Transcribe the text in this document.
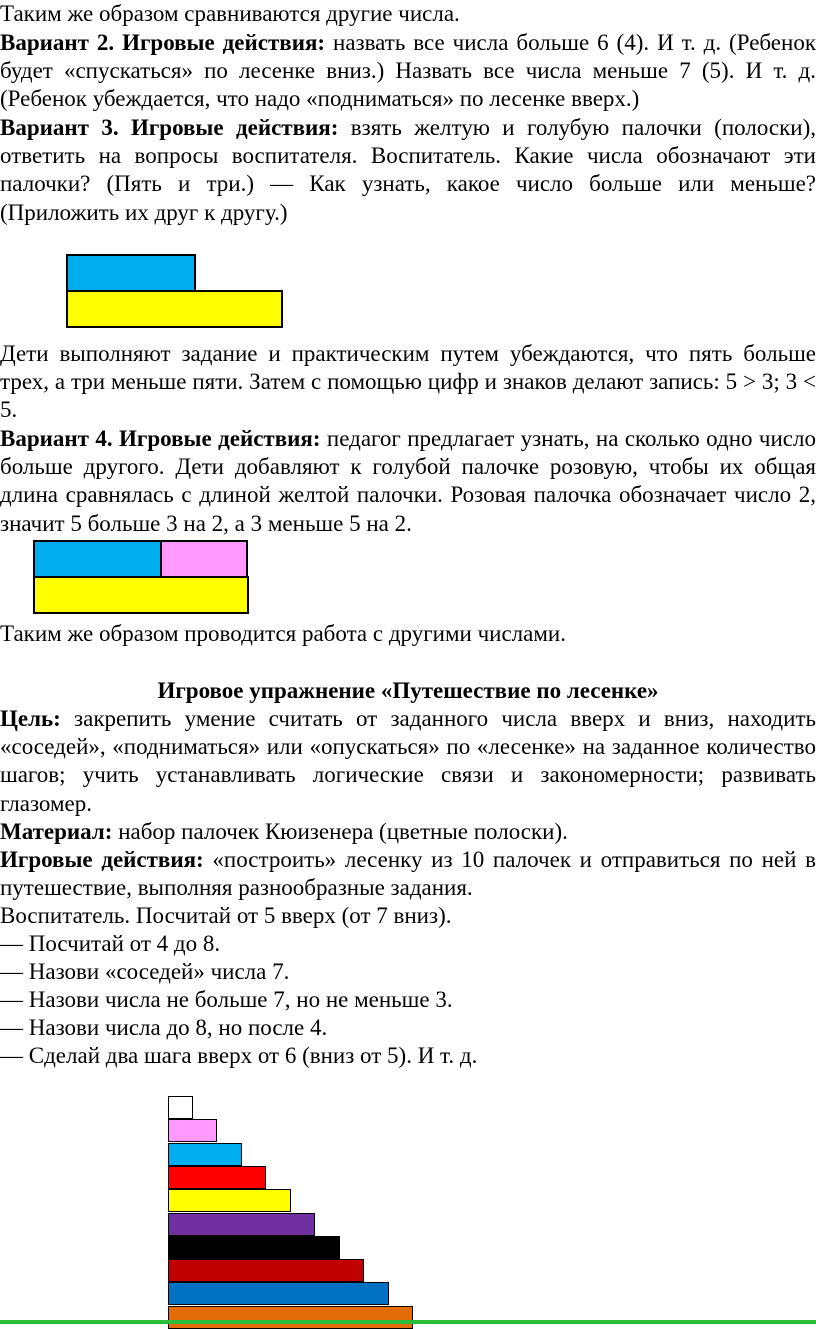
Таким же образом сравниваются другие числа.

Вариант 2. Игровые действия: назвать все числа больше 6 (4). И т. д. (Ребенок будет «спускаться» по лесенке вниз.) Назвать все числа меньше 7 (5). И т. д. (Ребенок убеждается, что надо «подниматься» по лесенке вверх.)

Вариант 3. Игровые действия: взять желтую и голубую палочки (полоски), ответить на вопросы воспитателя. Воспитатель. Какие числа обозначают эти палочки? (Пять и три.) — Как узнать, какое число больше или меньше? (Приложить их друг к другу.)

Дети выполняют задание и практическим путем убеждаются, что пять больше трех, а три меньше пяти. Затем с помощью цифр и знаков делают запись: 5 > 3; 3 < 5.

Вариант 4. Игровые действия: педагог предлагает узнать, на сколько одно число больше другого. Дети добавляют к голубой палочке розовую, чтобы их общая длина сравнялась с длиной желтой палочки. Розовая палочка обозначает число 2, значит 5 больше 3 на 2, а 3 меньше 5 на 2.

Таким же образом проводится работа с другими числами.

Игровое упражнение «Путешествие по лесенке»

Цель: закрепить умение считать от заданного числа вверх и вниз, находить «соседей», «подниматься» или «опускаться» по «лесенке» на заданное количество шагов; учить устанавливать логические связи и закономерности; развивать глазомер.

Материал: набор палочек Кюизенера (цветные полоски).

Игровые действия: «построить» лесенку из 10 палочек и отправиться по ней в путешествие, выполняя разнообразные задания.

Воспитатель. Посчитай от 5 вверх (от 7 вниз).

— Посчитай от 4 до 8.

— Назови «соседей» числа 7.

— Назови числа не больше 7, но не меньше 3.

— Назови числа до 8, но после 4.

— Сделай два шага вверх от 6 (вниз от 5). И т. д.
